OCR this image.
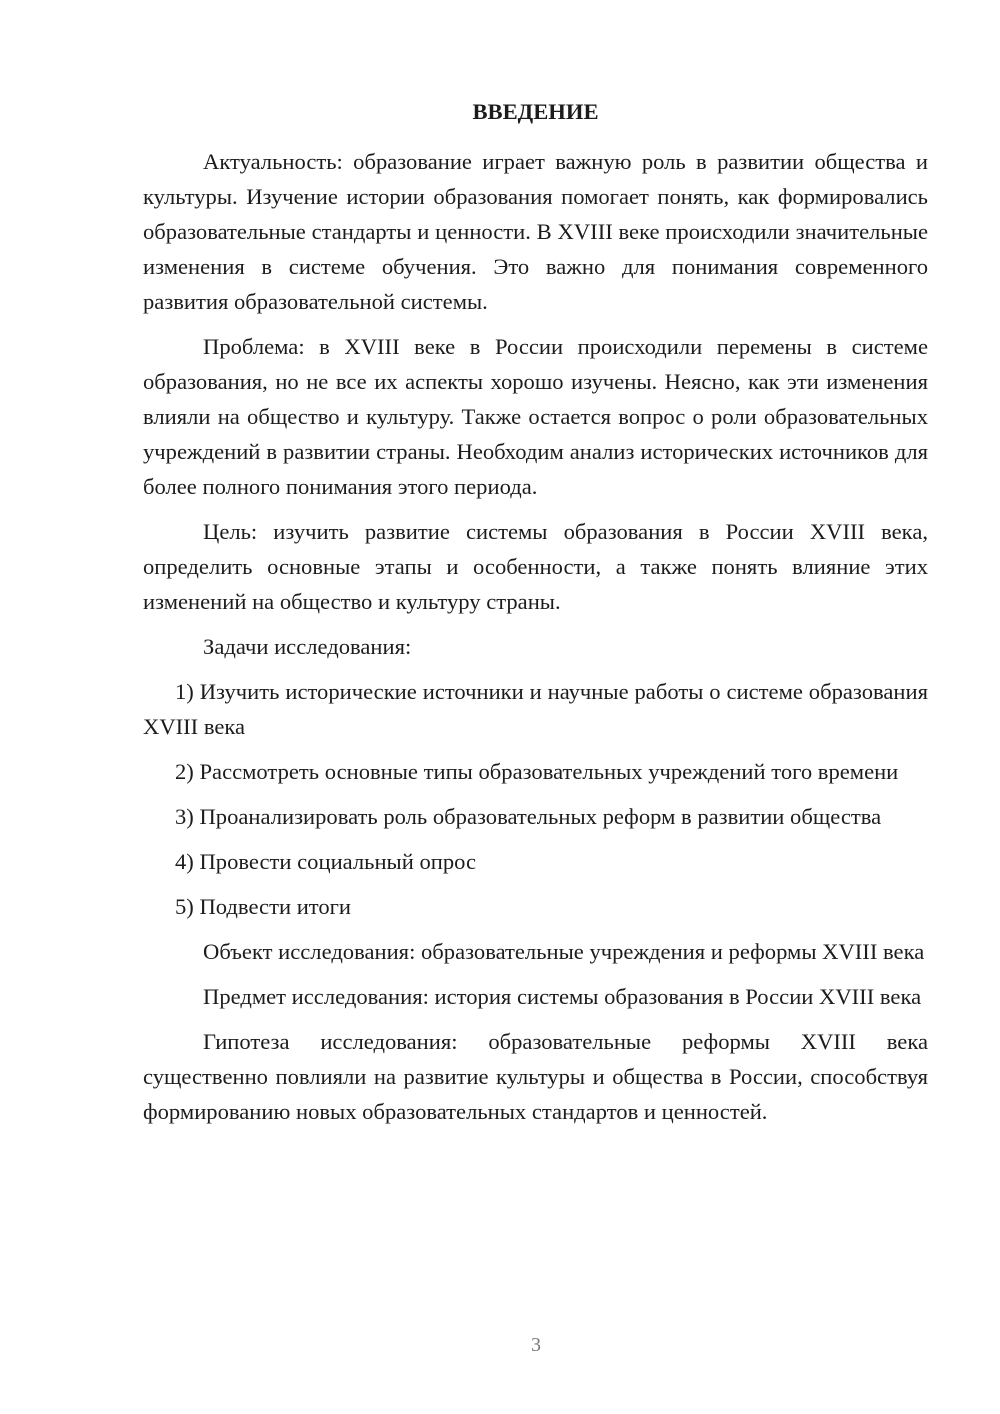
ВВЕДЕНИЕ

Актуальность: образование играет важную роль в развитии общества и культуры. Изучение истории образования помогает понять, как формировались образовательные стандарты и ценности. В XVIII веке происходили значительные изменения в системе обучения. Это важно для понимания современного развития образовательной системы.

Проблема: в XVIII веке в России происходили перемены в системе образования, но не все их аспекты хорошо изучены. Неясно, как эти изменения влияли на общество и культуру. Также остается вопрос о роли образовательных учреждений в развитии страны. Необходим анализ исторических источников для более полного понимания этого периода.

Цель: изучить развитие системы образования в России XVIII века, определить основные этапы и особенности, а также понять влияние этих изменений на общество и культуру страны.

Задачи исследования:

1) Изучить исторические источники и научные работы о системе образования XVIII века
2) Рассмотреть основные типы образовательных учреждений того времени
3) Проанализировать роль образовательных реформ в развитии общества
4) Провести социальный опрос
5) Подвести итоги

Объект исследования: образовательные учреждения и реформы XVIII века

Предмет исследования: история системы образования в России XVIII века

Гипотеза исследования: образовательные реформы XVIII века существенно повлияли на развитие культуры и общества в России, способствуя формированию новых образовательных стандартов и ценностей.

3
